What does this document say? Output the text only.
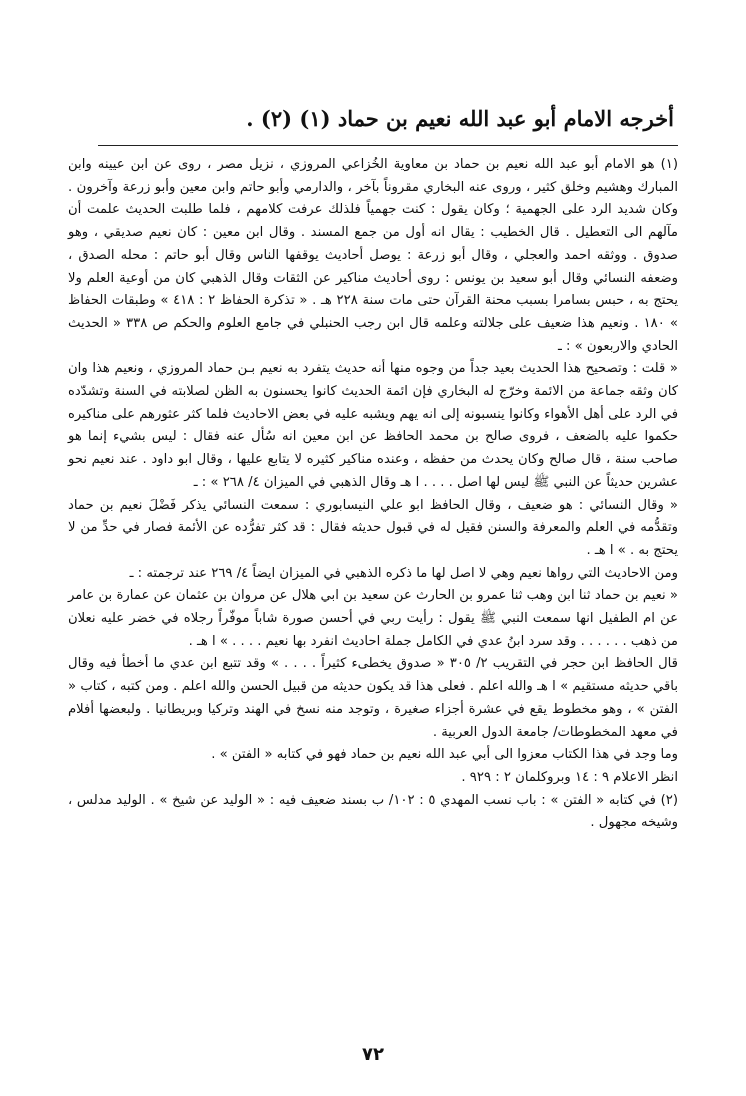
أخرجه الامام أبو عبد الله نعيم بن حماد (١) (٢) .

(١) هو الامام أبو عبد الله نعيم بن حماد بن معاوية الخُزاعي المروزي ، نزيل مصر ، روى عن ابن عيينه وابن المبارك وهشيم وخلق كثير ، وروى عنه البخاري مقروناً بآخر ، والدارمي وأبو حاتم وابن معين وأبو زرعة وآخرون . وكان شديد الرد على الجهمية ؛ وكان يقول : كنت جهمياً فلذلك عرفت كلامهم ، فلما طلبت الحديث علمت أن مآلهم الى التعطيل . قال الخطيب : يقال انه أول من جمع المسند . وقال ابن معين : كان نعيم صديقي ، وهو صدوق . ووثقه احمد والعجلي ، وقال أبو زرعة : يوصل أحاديث يوقفها الناس وقال أبو حاتم : محله الصدق ، وضعفه النسائي وقال أبو سعيد بن يونس : روى أحاديث مناكير عن الثقات وقال الذهبي كان من أوعية العلم ولا يحتج به ، حبس بسامرا بسبب محنة القرآن حتى مات سنة ٢٢٨ هـ . « تذكرة الحفاظ ٢ : ٤١٨ » وطبقات الحفاظ » ١٨٠ . ونعيم هذا ضعيف على جلالته وعلمه قال ابن رجب الحنبلي في جامع العلوم والحكم ص ٣٣٨ « الحديث الحادي والاربعون » : ـ

« قلت : وتصحيح هذا الحديث بعيد جداً من وجوه منها أنه حديث يتفرد به نعيم بـن حماد المروزي ، ونعيم هذا وان كان وثقه جماعة من الائمة وخرّج له البخاري فإن ائمة الحديث كانوا يحسنون به الظن لصلابته في السنة وتشدّده في الرد على أهل الأهواء وكانوا ينسبونه إلى انه يهم ويشبه عليه في بعض الاحاديث فلما كثر عثورهم على مناكيره حكموا عليه بالضعف ، فروى صالح بن محمد الحافظ عن ابن معين انه سُأل عنه فقال : ليس بشيء إنما هو صاحب سنة ، قال صالح وكان يحدث من حفظه ، وعنده مناكير كثيره لا يتابع عليها ، وقال ابو داود . عند نعيم نحو عشرين حديثاً عن النبي ﷺ ليس لها اصل . . . . ا هـ وقال الذهبي في الميزان ٤/ ٢٦٨ » : ـ

« وقال النسائي : هو ضعيف ، وقال الحافظ ابو علي النيسابوري : سمعت النسائي يذكر فَضْلَ نعيم بن حماد وتقدُّمه في العلم والمعرفة والسنن فقيل له في قبول حديثه فقال : قد كثر تفرُّده عن الأئمة فصار في حدِّ من لا يحتج به . » ا هـ .

ومن الاحاديث التي رواها نعيم وهي لا اصل لها ما ذكره الذهبي في الميزان ايضاً ٤/ ٢٦٩ عند ترجمته : ـ

« نعيم بن حماد ثنا ابن وهب ثنا عمرو بن الحارث عن سعيد بن ابي هلال عن مروان بن عثمان عن عمارة بن عامر عن ام الطفيل انها سمعت النبي ﷺ يقول : رأيت ربي في أحسن صورة شاباً موفّراً رجلاه في خضر عليه نعلان من ذهب . . . . . . وقد سرد ابنُ عدي في الكامل جملة احاديث انفرد بها نعيم . . . . » ا هـ .

قال الحافظ ابن حجر في التقريب ٢/ ٣٠٥ « صدوق يخطىء كثيراً . . . . » وقد تتبع ابن عدي ما أخطأ فيه وقال باقي حديثه مستقيم » ا هـ والله اعلم . فعلى هذا قد يكون حديثه من قبيل الحسن والله اعلم . ومن كتبه ، كتاب « الفتن » ، وهو مخطوط يقع في عشرة أجزاء صغيرة ، وتوجد منه نسخ في الهند وتركيا وبريطانيا . ولبعضها أفلام في معهد المخطوطات/ جامعة الدول العربية .

وما وجد في هذا الكتاب معزوا الى أبي عبد الله نعيم بن حماد فهو في كتابه « الفتن » .

انظر الاعلام ٩ : ١٤ وبروكلمان ٢ : ٩٢٩ .

(٢) في كتابه « الفتن » : باب نسب المهدي ٥ : ١٠٢/ ب بسند ضعيف فيه : « الوليد عن شيخ » . الوليد مدلس ، وشيخه مجهول .

٧٢
